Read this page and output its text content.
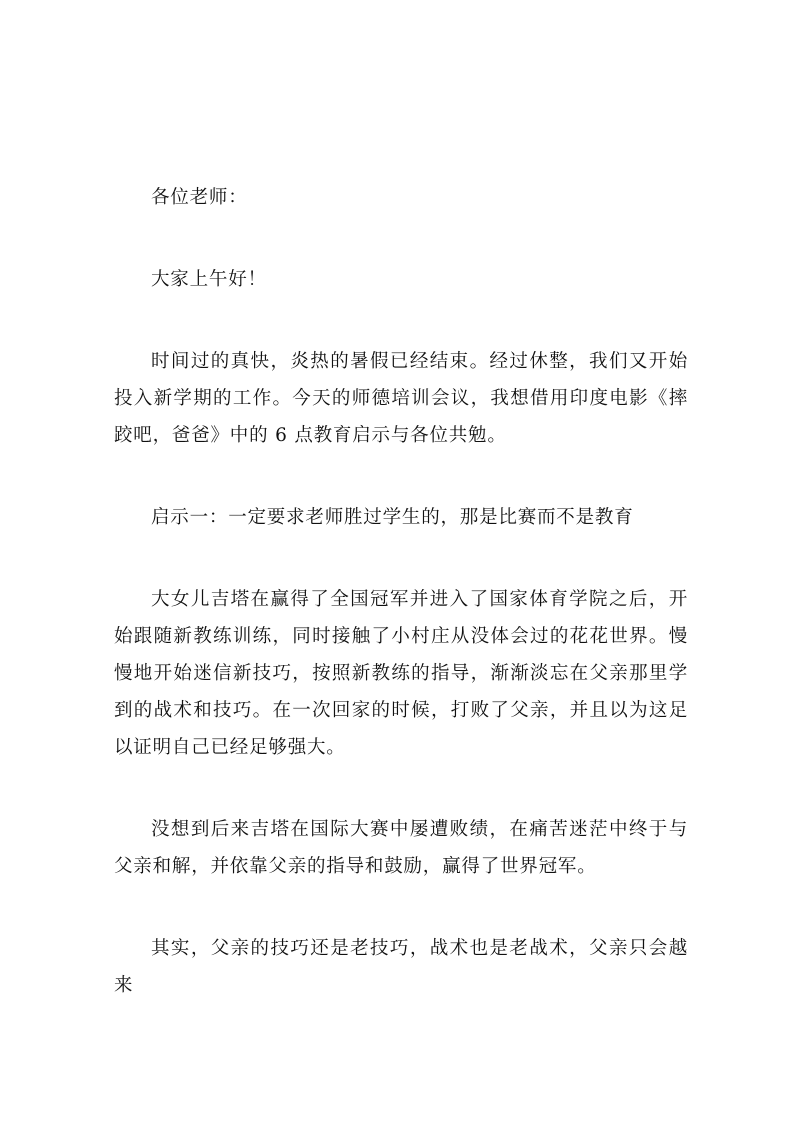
各位老师：

大家上午好！

时间过的真快，炎热的暑假已经结束。经过休整，我们又开始投入新学期的工作。今天的师德培训会议，我想借用印度电影《摔跤吧，爸爸》中的 6 点教育启示与各位共勉。

启示一：一定要求老师胜过学生的，那是比赛而不是教育

大女儿吉塔在赢得了全国冠军并进入了国家体育学院之后，开始跟随新教练训练，同时接触了小村庄从没体会过的花花世界。慢慢地开始迷信新技巧，按照新教练的指导，渐渐淡忘在父亲那里学到的战术和技巧。在一次回家的时候，打败了父亲，并且以为这足以证明自己已经足够强大。

没想到后来吉塔在国际大赛中屡遭败绩，在痛苦迷茫中终于与父亲和解，并依靠父亲的指导和鼓励，赢得了世界冠军。

其实，父亲的技巧还是老技巧，战术也是老战术，父亲只会越来
